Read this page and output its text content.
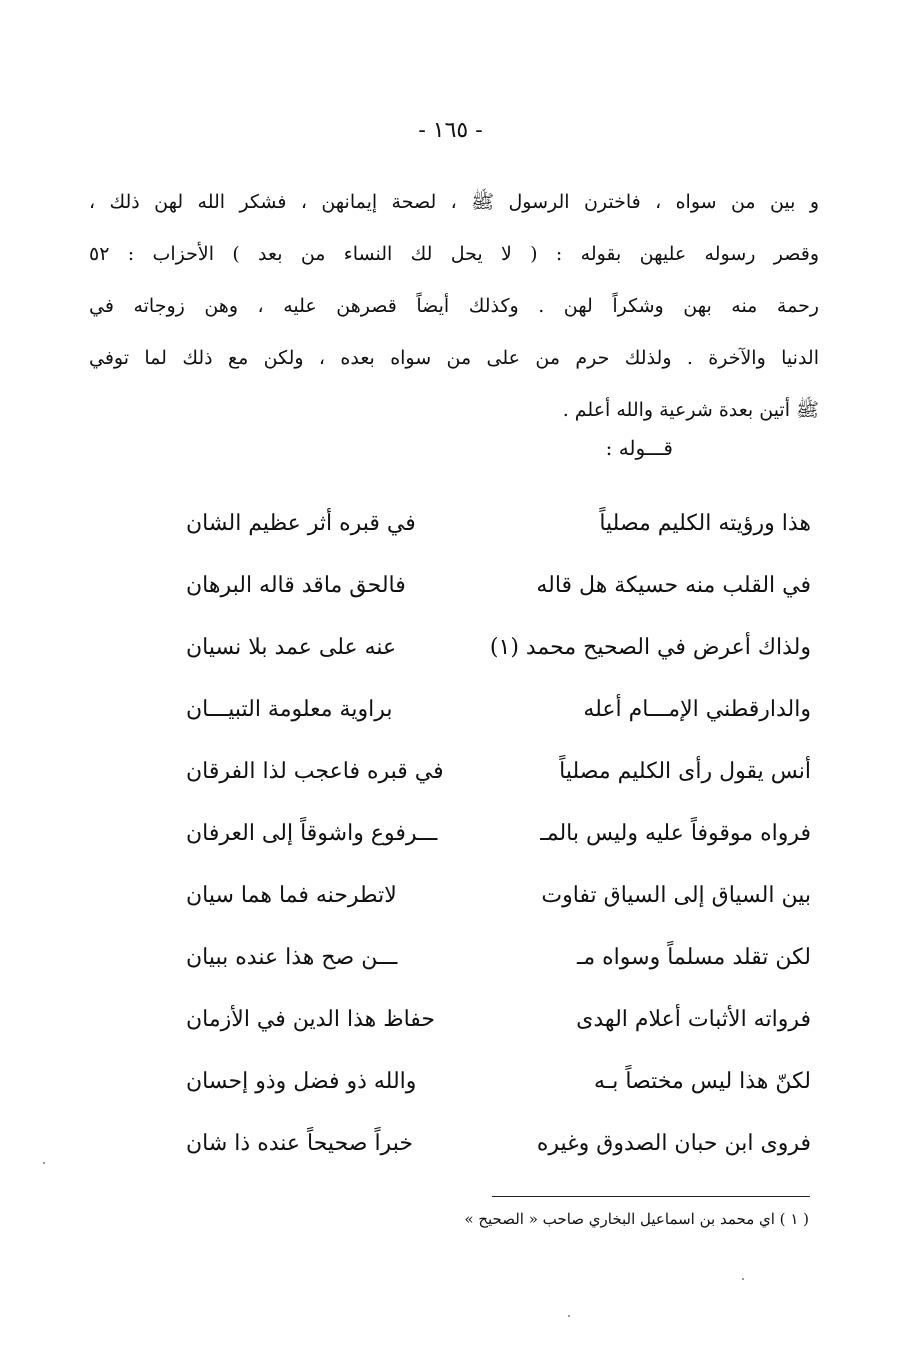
- ١٦٥ -
و بين من سواه ، فاخترن الرسول ﷺ ، لصحة إيمانهن ، فشكر الله لهن ذلك ،
وقصر رسوله عليهن بقوله : ( لا يحل لك النساء من بعد ) الأحزاب : ٥٢
رحمة منه بهن وشكراً لهن . وكذلك أيضاً قصرهن عليه ، وهن زوجاته في
الدنيا والآخرة . ولذلك حرم من على من سواه بعده ، ولكن مع ذلك لما توفي
ﷺ أتين بعدة شرعية والله أعلم .
قـــوله :
هذا ورؤيته الكليم مصلياً
في قبره أثر عظيم الشان
في القلب منه حسيكة هل قاله
فالحق ماقد قاله البرهان
ولذاك أعرض في الصحيح محمد (١)
عنه على عمد بلا نسيان
والدارقطني الإمـــام أعله
براوية معلومة التبيـــان
أنس يقول رأى الكليم مصلياً
في قبره فاعجب لذا الفرقان
فرواه موقوفاً عليه وليس بالمـ
ـــرفوع واشوقاً إلى العرفان
بين السياق إلى السياق تفاوت
لاتطرحنه فما هما سيان
لكن تقلد مسلماً وسواه مـ
ـــن صح هذا عنده ببيان
فرواته الأثبات أعلام الهدى
حفاظ هذا الدين في الأزمان
لكنّ هذا ليس مختصاً بـه
والله ذو فضل وذو إحسان
فروى ابن حبان الصدوق وغيره
خبراً صحيحاً عنده ذا شان
( ١ ) اي محمد بن اسماعيل البخاري صاحب « الصحيح »
